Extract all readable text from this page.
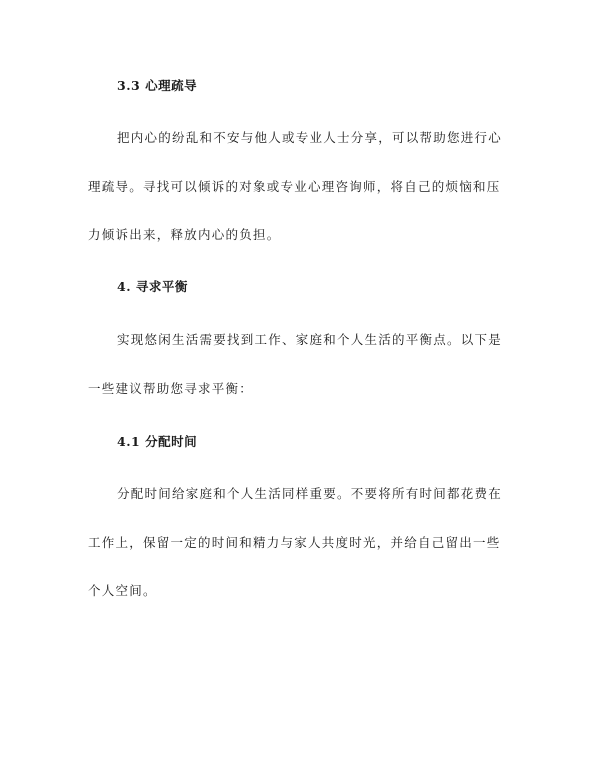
3.3 心理疏导
把内心的纷乱和不安与他人或专业人士分享，可以帮助您进行心
理疏导。寻找可以倾诉的对象或专业心理咨询师，将自己的烦恼和压
力倾诉出来，释放内心的负担。
4. 寻求平衡
实现悠闲生活需要找到工作、家庭和个人生活的平衡点。以下是
一些建议帮助您寻求平衡：
4.1 分配时间
分配时间给家庭和个人生活同样重要。不要将所有时间都花费在
工作上，保留一定的时间和精力与家人共度时光，并给自己留出一些
个人空间。
